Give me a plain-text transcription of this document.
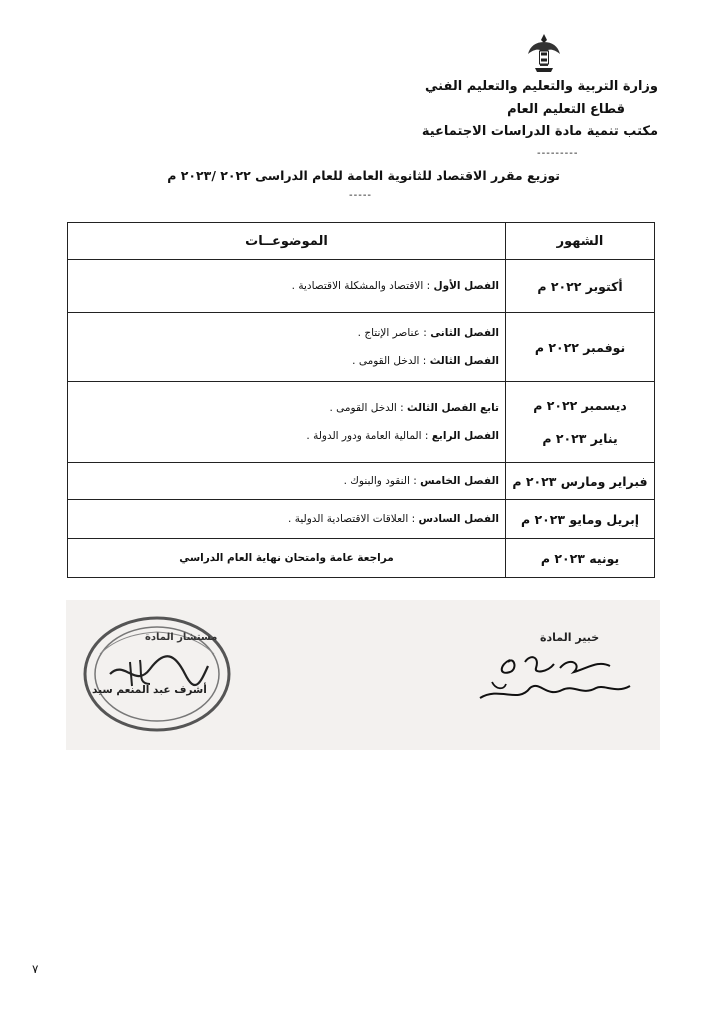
وزارة التربية والتعليم والتعليم الفني
قطاع التعليم العام
مكتب تنمية مادة الدراسات الاجتماعية
---------
توزيع مقرر الاقتصاد للثانوية العامة للعام الدراسى ٢٠٢٢ /٢٠٢٣ م
-----
الشهور	الموضوعــات

أكتوبر ٢٠٢٢ م	الفصل الأول : الاقتصاد والمشكلة الاقتصادية .

نوفمبر ٢٠٢٢ م	الفصل الثانى : عناصر الإنتاج .
الفصل الثالث : الدخل القومى .

ديسمبر ٢٠٢٢ م
يناير ٢٠٢٣ م	تابع الفصل الثالث : الدخل القومى .
الفصل الرابع : المالية العامة ودور الدولة .

فبراير ومارس ٢٠٢٣ م	الفصل الخامس : النقود والبنوك .

إبريل ومايو ٢٠٢٣ م	الفصل السادس : العلاقات الاقتصادية الدولية .

يونيه ٢٠٢٣ م	مراجعة عامة وامتحان نهاية العام الدراسي
مستشار المادة
أشرف عبد المنعم سيد
خبير المادة
٧
